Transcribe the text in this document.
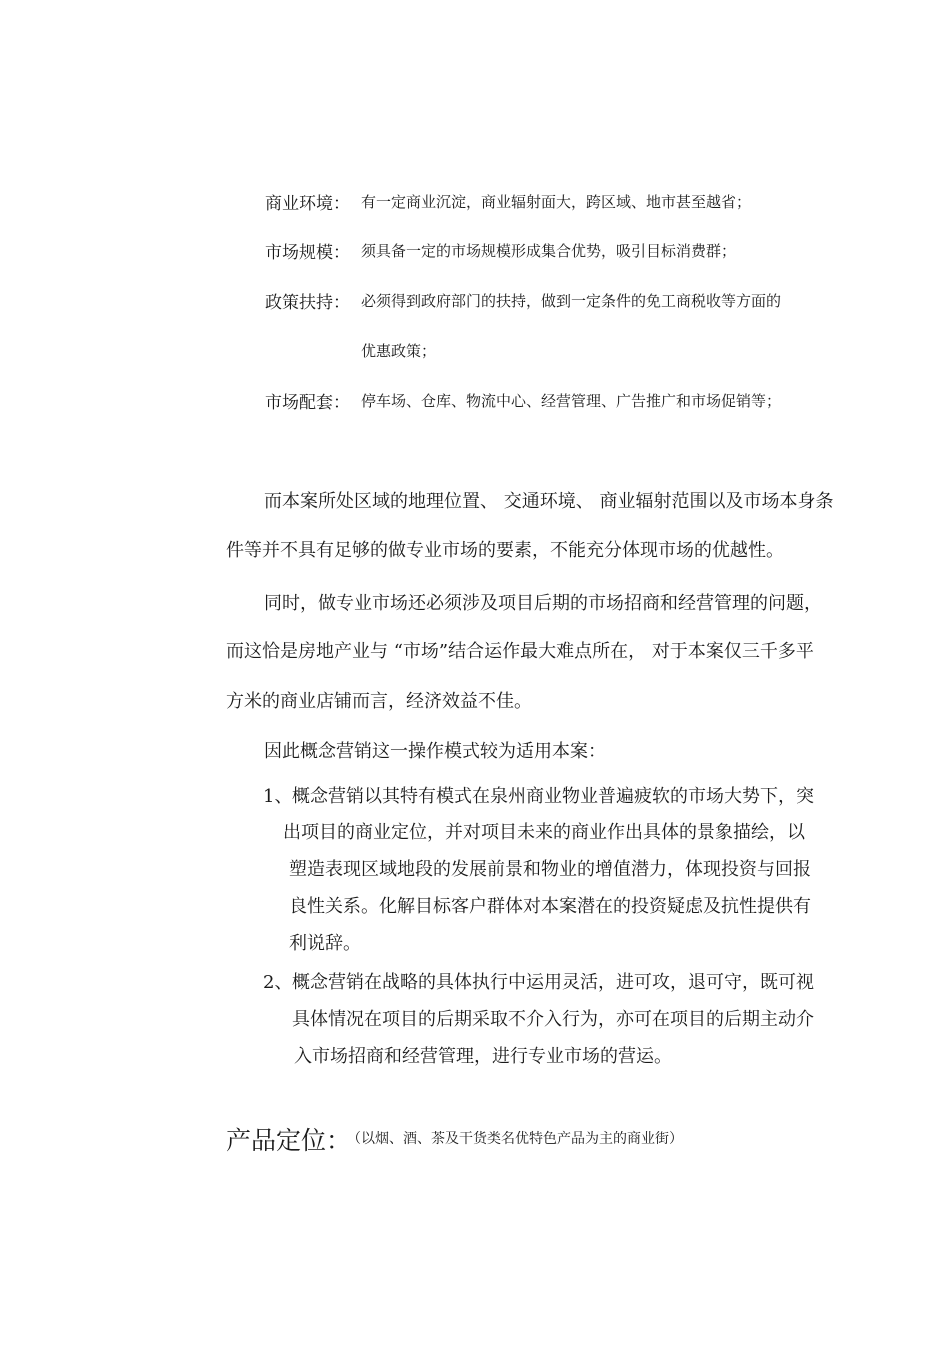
商业环境： 有一定商业沉淀，商业辐射面大，跨区域、地市甚至越省；
市场规模： 须具备一定的市场规模形成集合优势，吸引目标消费群；
政策扶持： 必须得到政府部门的扶持，做到一定条件的免工商税收等方面的
优惠政策；
市场配套： 停车场、仓库、物流中心、经营管理、广告推广和市场促销等；
而本案所处区域的地理位置、 交通环境、 商业辐射范围以及市场本身条
件等并不具有足够的做专业市场的要素，不能充分体现市场的优越性。
同时，做专业市场还必须涉及项目后期的市场招商和经营管理的问题，
而这恰是房地产业与 “市场”结合运作最大难点所在， 对于本案仅三千多平
方米的商业店铺而言，经济效益不佳。
因此概念营销这一操作模式较为适用本案：
1、 概念营销以其特有模式在泉州商业物业普遍疲软的市场大势下，突
出项目的商业定位，并对项目未来的商业作出具体的景象描绘，以
塑造表现区域地段的发展前景和物业的增值潜力，体现投资与回报
良性关系。化解目标客户群体对本案潜在的投资疑虑及抗性提供有
利说辞。
2、 概念营销在战略的具体执行中运用灵活，进可攻，退可守，既可视
具体情况在项目的后期采取不介入行为，亦可在项目的后期主动介
入市场招商和经营管理，进行专业市场的营运。
产品定位：
（以烟、酒、茶及干货类名优特色产品为主的商业街）
